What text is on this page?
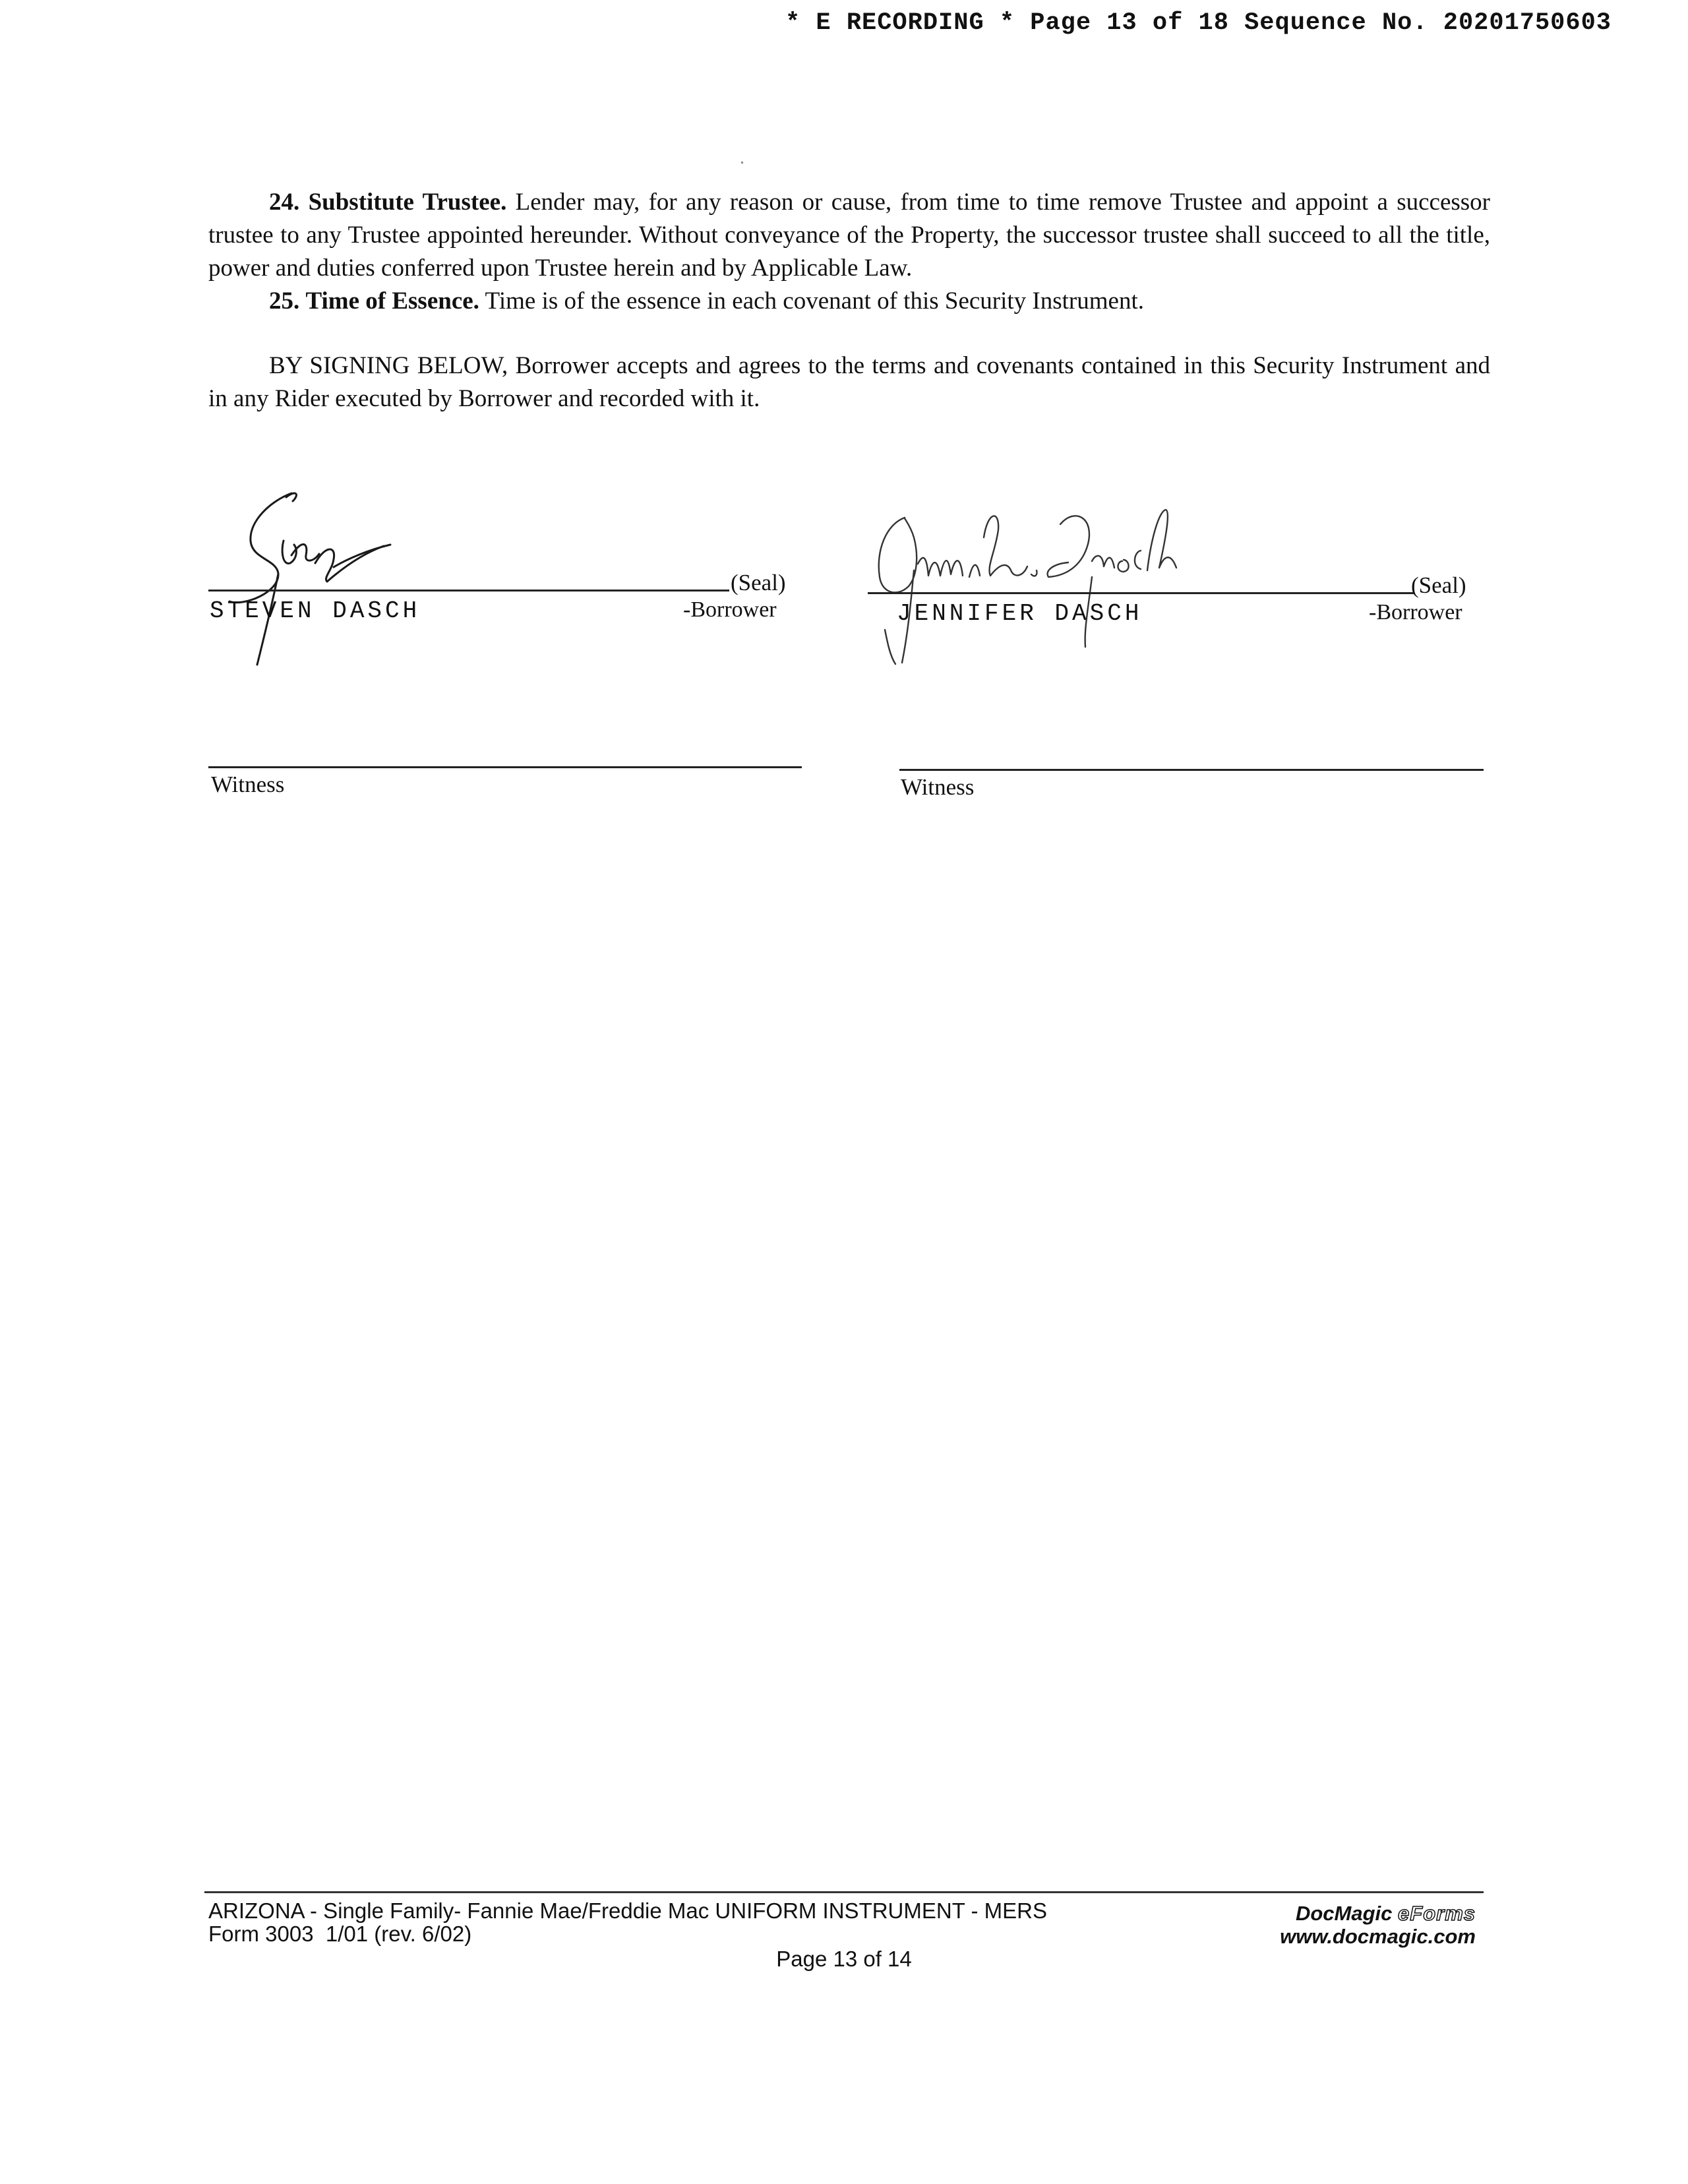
* E RECORDING * Page 13 of 18 Sequence No. 20201750603

24. Substitute Trustee. Lender may, for any reason or cause, from time to time remove Trustee and appoint a successor trustee to any Trustee appointed hereunder. Without conveyance of the Property, the successor trustee shall succeed to all the title, power and duties conferred upon Trustee herein and by Applicable Law.

25. Time of Essence. Time is of the essence in each covenant of this Security Instrument.

BY SIGNING BELOW, Borrower accepts and agrees to the terms and covenants contained in this Security Instrument and in any Rider executed by Borrower and recorded with it.

(Seal)
STEVEN DASCH	-Borrower
(Seal)
JENNIFER DASCH	-Borrower
Witness	Witness
ARIZONA - Single Family- Fannie Mae/Freddie Mac UNIFORM INSTRUMENT - MERS
Form 3003  1/01 (rev. 6/02)
DocMagic eForms
www.docmagic.com
Page 13 of 14
